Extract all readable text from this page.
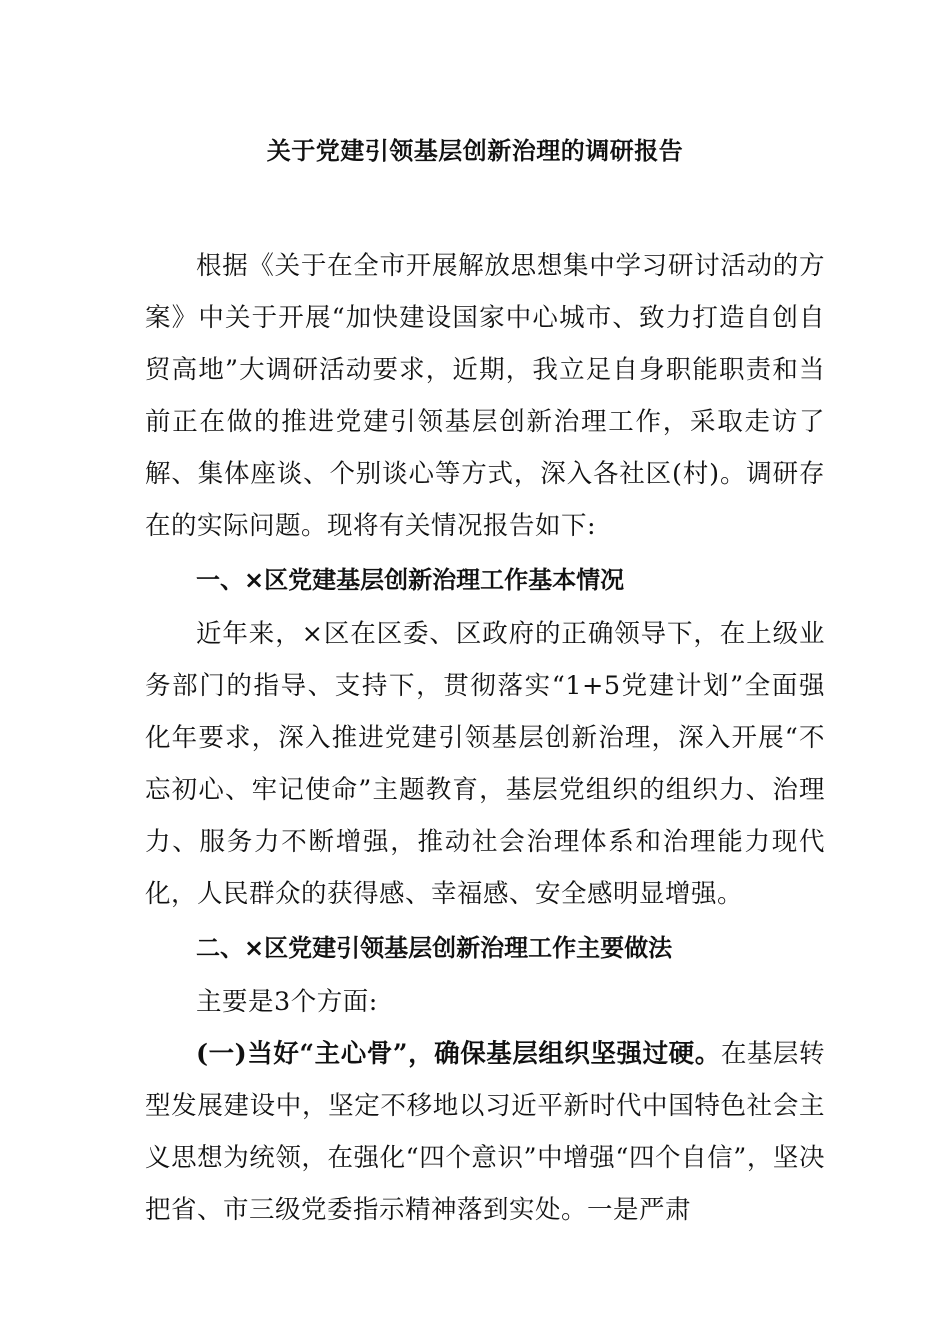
关于党建引领基层创新治理的调研报告

根据《关于在全市开展解放思想集中学习研讨活动的方案》中关于开展“加快建设国家中心城市、致力打造自创自贸高地”大调研活动要求，近期，我立足自身职能职责和当前正在做的推进党建引领基层创新治理工作，采取走访了解、集体座谈、个别谈心等方式，深入各社区(村)。调研存在的实际问题。现将有关情况报告如下:

一、×区党建基层创新治理工作基本情况

近年来，×区在区委、区政府的正确领导下，在上级业务部门的指导、支持下，贯彻落实“1+5党建计划”全面强化年要求，深入推进党建引领基层创新治理，深入开展“不忘初心、牢记使命”主题教育，基层党组织的组织力、治理力、服务力不断增强，推动社会治理体系和治理能力现代化，人民群众的获得感、幸福感、安全感明显增强。

二、×区党建引领基层创新治理工作主要做法

主要是3个方面:

(一)当好“主心骨”，确保基层组织坚强过硬。在基层转型发展建设中，坚定不移地以习近平新时代中国特色社会主义思想为统领，在强化“四个意识”中增强“四个自信”，坚决把省、市三级党委指示精神落到实处。一是严肃
